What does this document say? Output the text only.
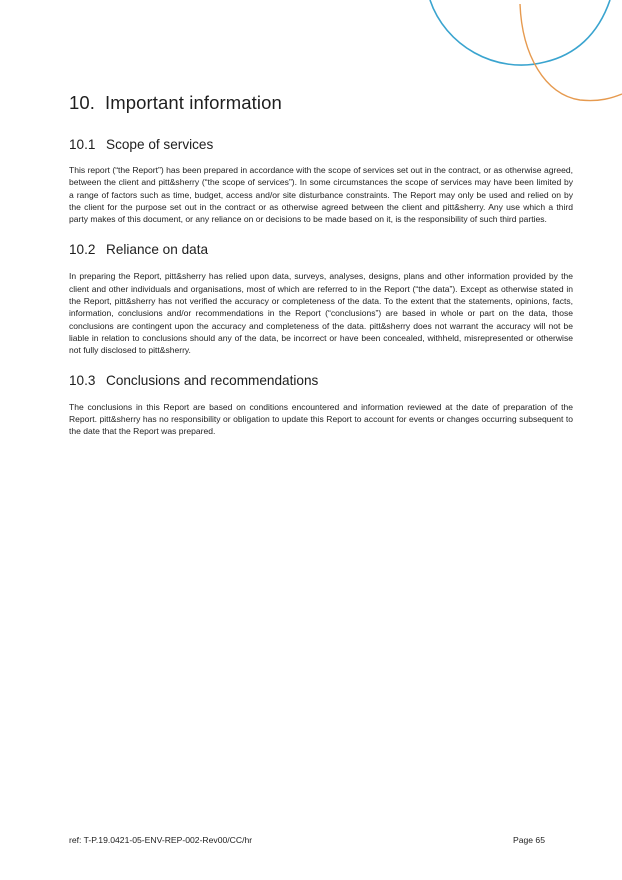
10. Important information
10.1 Scope of services

This report (“the Report”) has been prepared in accordance with the scope of services set out in the contract, or as otherwise agreed, between the client and pitt&sherry (“the scope of services”). In some circumstances the scope of services may have been limited by a range of factors such as time, budget, access and/or site disturbance constraints. The Report may only be used and relied on by the client for the purpose set out in the contract or as otherwise agreed between the client and pitt&sherry. Any use which a third party makes of this document, or any reliance on or decisions to be made based on it, is the responsibility of such third parties.

10.2 Reliance on data

In preparing the Report, pitt&sherry has relied upon data, surveys, analyses, designs, plans and other information provided by the client and other individuals and organisations, most of which are referred to in the Report (“the data”). Except as otherwise stated in the Report, pitt&sherry has not verified the accuracy or completeness of the data. To the extent that the statements, opinions, facts, information, conclusions and/or recommendations in the Report (“conclusions”) are based in whole or part on the data, those conclusions are contingent upon the accuracy and completeness of the data. pitt&sherry does not warrant the accuracy will not be liable in relation to conclusions should any of the data, be incorrect or have been concealed, withheld, misrepresented or otherwise not fully disclosed to pitt&sherry.

10.3 Conclusions and recommendations

The conclusions in this Report are based on conditions encountered and information reviewed at the date of preparation of the Report. pitt&sherry has no responsibility or obligation to update this Report to account for events or changes occurring subsequent to the date that the Report was prepared.

ref: T-P.19.0421-05-ENV-REP-002-Rev00/CC/hr	Page 65
